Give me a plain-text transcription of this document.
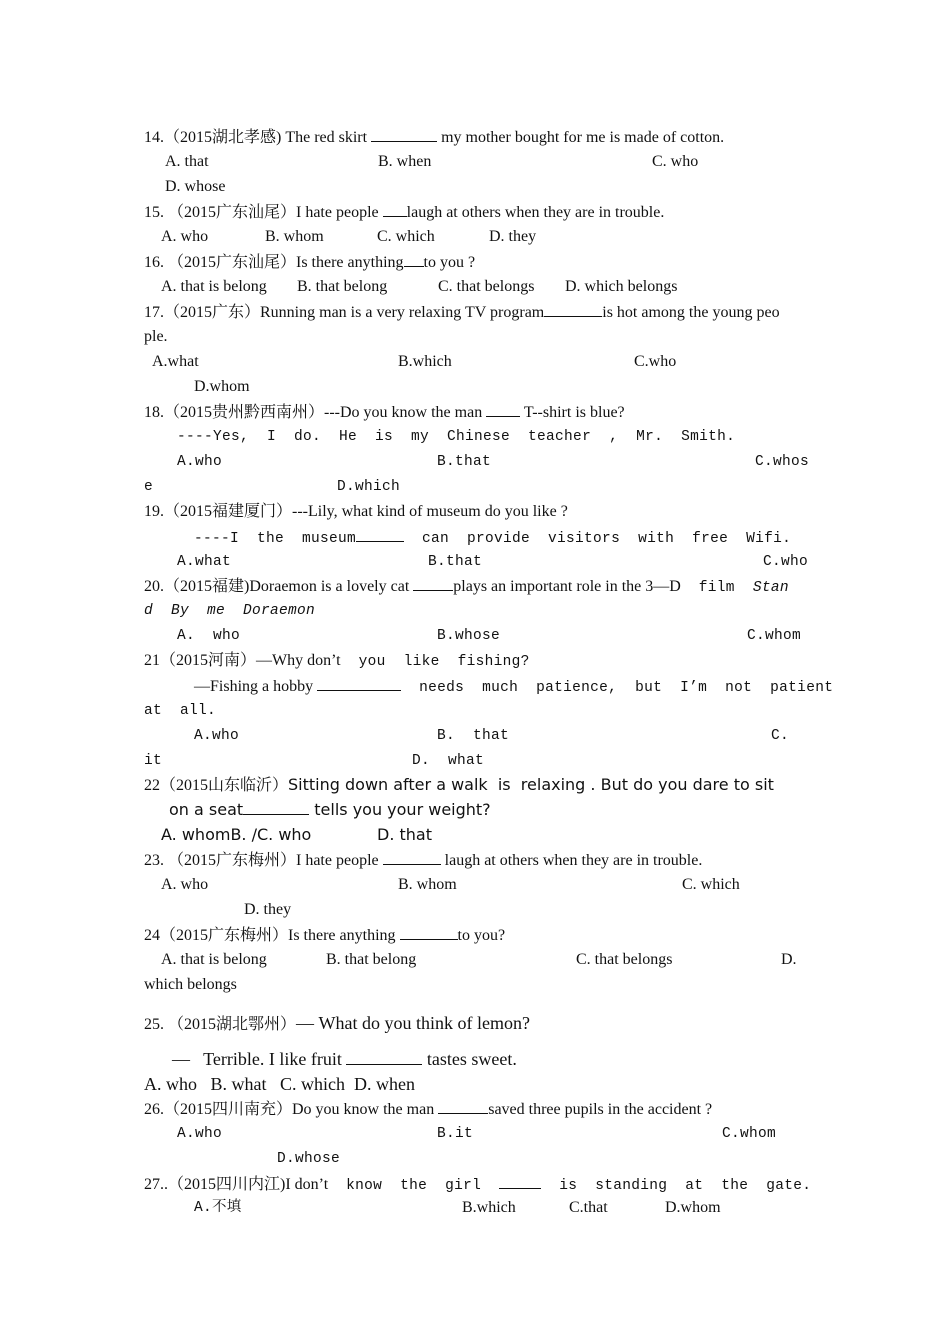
14.（2015湖北孝感) The red skirt	my mother bought for me is made of cotton.
A. that	B. when	C. who
D. whose
15. （2015广东汕尾）I hate people laugh at others when they are in trouble.
A. who	B. whom	C. which	D. they
16. （2015广东汕尾）Is there anything to you ?
A. that is belong B. that belong	C. that belongs D. which belongs
17.（2015广东）Running man is a very relaxing TV program	is hot among the young peo
ple.
A.what	B.which	C.who
D.whom
18.（2015贵州黔西南州）---Do you know the man  T--shirt is blue?
----Yes,  I  do.  He  is  my  Chinese  teacher  ,  Mr.  Smith.
A.who	B.that	C.whos
e	D.which
19.（2015福建厦门）---Lily, what kind of museum do you like ?
----I  the  museum	can  provide  visitors  with  free  Wifi.
A.what	B.that	C.who
20.（2015福建)Doraemon is a lovely cat	plays an important role in the 3—D  film  Stan
d  By  me  Doraemon
A.  who	B.whose	C.whom
21（2015河南）—Why don’t  you  like  fishing?
—Fishing a hobby	needs  much  patience,  but  I’m  not  patient
at  all.
A.who	B.  that	C.
it	D.  what
22（2015山东临沂）Sitting down after a walk  is  relaxing . But do you dare to sit
on a seat	tells you your weight?
A. whomB. /C. who	D. that
23. （2015广东梅州）I hate people	laugh at others when they are in trouble.
A. who	B. whom	C. which
D. they
24（2015广东梅州）Is there anything	to you?
A. that is belong	B. that belong	C. that belongs	D.
which belongs
25. （2015湖北鄂州）— What do you think of lemon?
—   Terrible. I like fruit	tastes sweet.
A. who   B. what   C. which  D. when
26.（2015四川南充）Do you know the man	saved three pupils in the accident ?
A.who	B.it	C.whom
D.whose
27..（2015四川内江)I don’t  know  the  girl	is  standing  at  the  gate.
A.不填	B.which	C.that	D.whom
